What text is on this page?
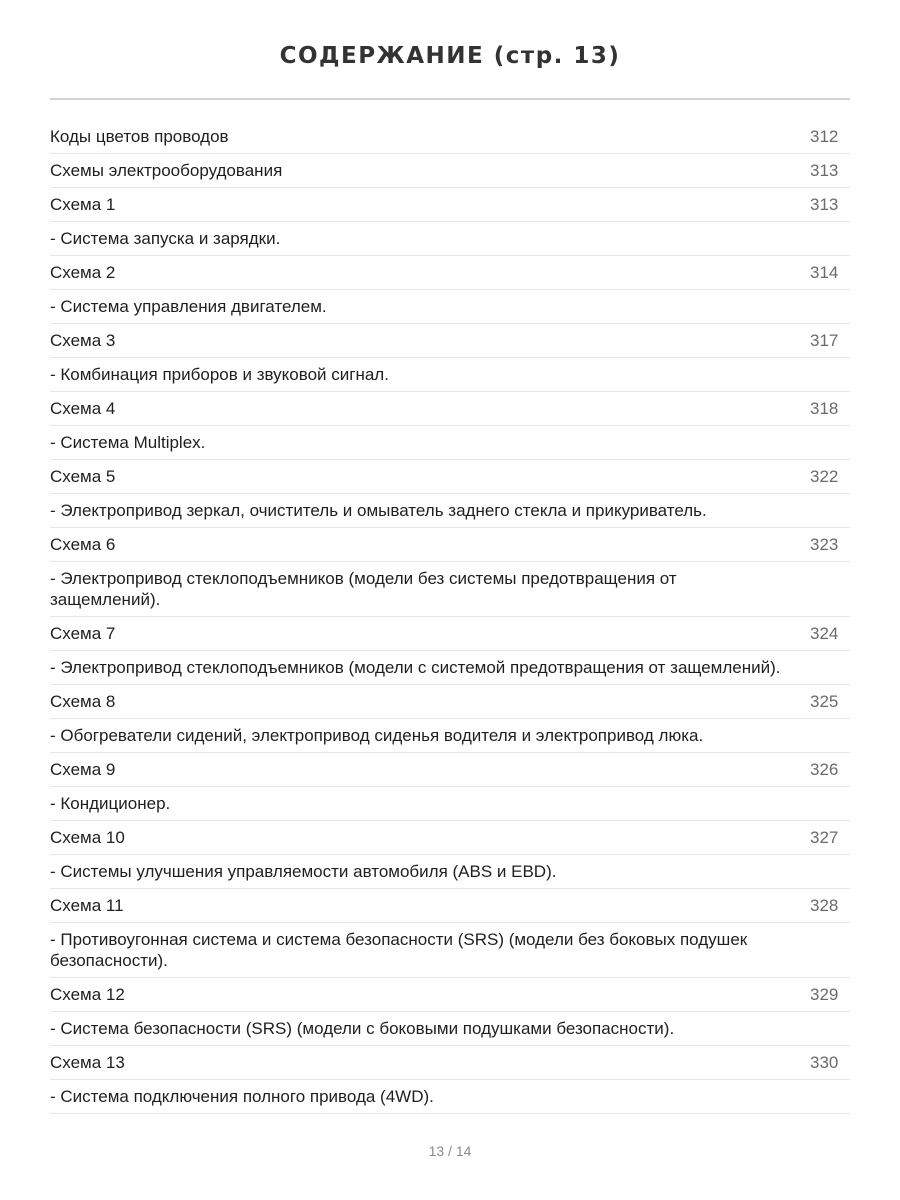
СОДЕРЖАНИЕ (стр. 13)
Коды цветов проводов	312
Схемы электрооборудования	313
Схема 1	313
- Система запуска и зарядки.
Схема 2	314
- Система управления двигателем.
Схема 3	317
- Комбинация приборов и звуковой сигнал.
Схема 4	318
- Система Multiplex.
Схема 5	322
- Электропривод зеркал, очиститель и омыватель заднего стекла и прикуриватель.
Схема 6	323
- Электропривод стеклоподъемников (модели без системы предотвращения от защемлений).
Схема 7	324
- Электропривод стеклоподъемников (модели с системой предотвращения от защемлений).
Схема 8	325
- Обогреватели сидений, электропривод сиденья водителя и электропривод люка.
Схема 9	326
- Кондиционер.
Схема 10	327
- Системы улучшения управляемости автомобиля (ABS и EBD).
Схема 11	328
- Противоугонная система и система безопасности (SRS) (модели без боковых подушек безопасности).
Схема 12	329
- Система безопасности (SRS) (модели с боковыми подушками безопасности).
Схема 13	330
- Система подключения полного привода (4WD).
13 / 14
